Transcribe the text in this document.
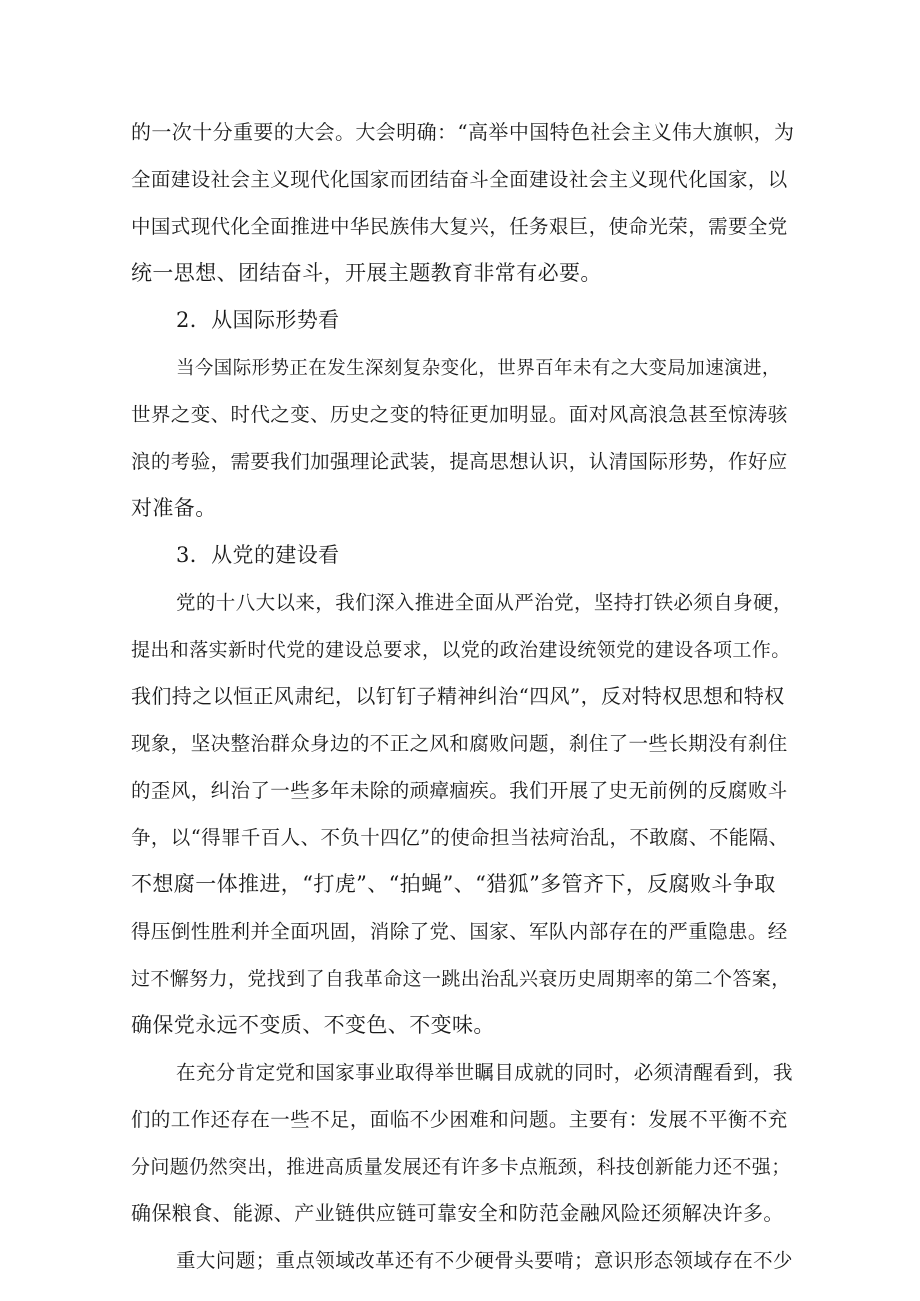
的一次十分重要的大会。大会明确：“高举中国特色社会主义伟大旗帜，为
全面建设社会主义现代化国家而团结奋斗全面建设社会主义现代化国家，以
中国式现代化全面推进中华民族伟大复兴，任务艰巨，使命光荣，需要全党
统一思想、团结奋斗，开展主题教育非常有必要。
2．从国际形势看
当今国际形势正在发生深刻复杂变化，世界百年未有之大变局加速演进，
世界之变、时代之变、历史之变的特征更加明显。面对风高浪急甚至惊涛骇
浪的考验，需要我们加强理论武装，提高思想认识，认清国际形势，作好应
对准备。
3．从党的建设看
党的十八大以来，我们深入推进全面从严治党，坚持打铁必须自身硬，
提出和落实新时代党的建设总要求，以党的政治建设统领党的建设各项工作。
我们持之以恒正风肃纪，以钉钉子精神纠治“四风”，反对特权思想和特权
现象，坚决整治群众身边的不正之风和腐败问题，刹住了一些长期没有刹住
的歪风，纠治了一些多年未除的顽瘴痼疾。我们开展了史无前例的反腐败斗
争，以“得罪千百人、不负十四亿”的使命担当祛疴治乱，不敢腐、不能隔、
不想腐一体推进，“打虎”、“拍蝇”、“猎狐”多管齐下，反腐败斗争取
得压倒性胜利并全面巩固，消除了党、国家、军队内部存在的严重隐患。经
过不懈努力，党找到了自我革命这一跳出治乱兴衰历史周期率的第二个答案，
确保党永远不变质、不变色、不变味。
在充分肯定党和国家事业取得举世瞩目成就的同时，必须清醒看到，我
们的工作还存在一些不足，面临不少困难和问题。主要有：发展不平衡不充
分问题仍然突出，推进高质量发展还有许多卡点瓶颈，科技创新能力还不强；
确保粮食、能源、产业链供应链可靠安全和防范金融风险还须解决许多。
重大问题；重点领域改革还有不少硬骨头要啃；意识形态领域存在不少
